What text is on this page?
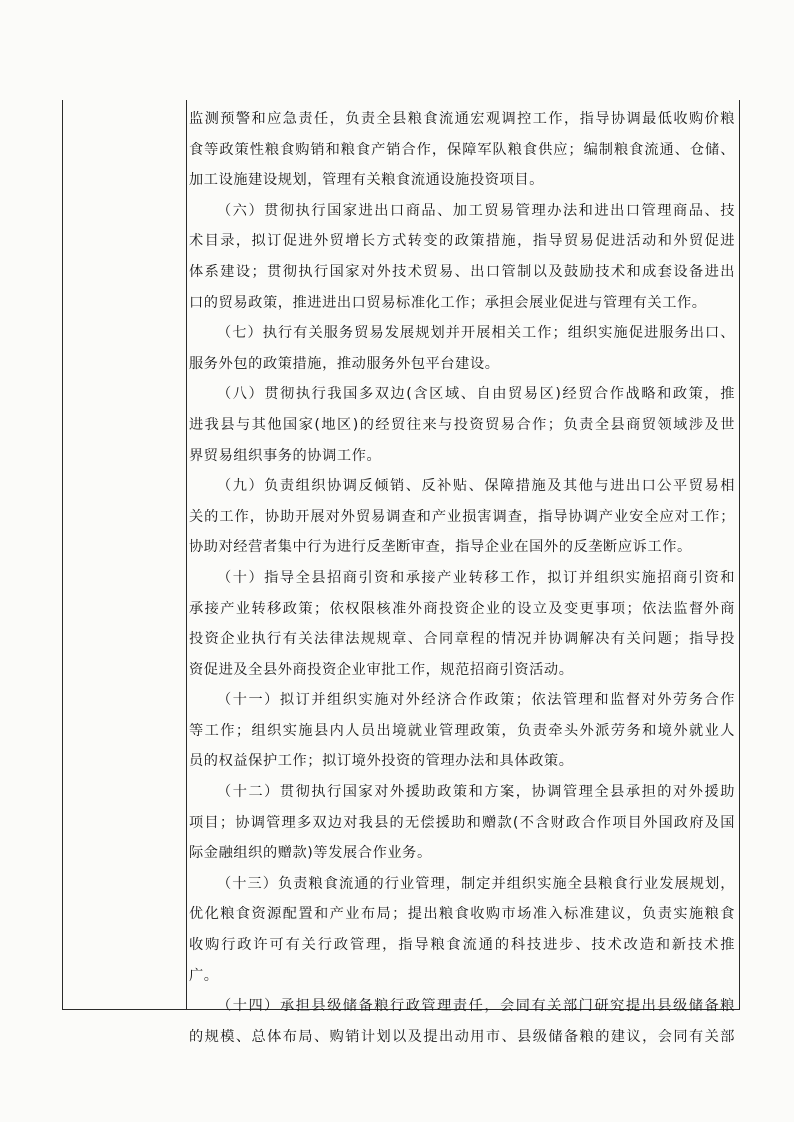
监测预警和应急责任，负责全县粮食流通宏观调控工作，指导协调最低收购价粮
食等政策性粮食购销和粮食产销合作，保障军队粮食供应；编制粮食流通、仓储、
加工设施建设规划，管理有关粮食流通设施投资项目。
（六）贯彻执行国家进出口商品、加工贸易管理办法和进出口管理商品、技
术目录，拟订促进外贸增长方式转变的政策措施，指导贸易促进活动和外贸促进
体系建设；贯彻执行国家对外技术贸易、出口管制以及鼓励技术和成套设备进出
口的贸易政策，推进进出口贸易标准化工作；承担会展业促进与管理有关工作。
（七）执行有关服务贸易发展规划并开展相关工作；组织实施促进服务出口、
服务外包的政策措施，推动服务外包平台建设。
（八）贯彻执行我国多双边(含区域、自由贸易区)经贸合作战略和政策，推
进我县与其他国家(地区)的经贸往来与投资贸易合作；负责全县商贸领域涉及世
界贸易组织事务的协调工作。
（九）负责组织协调反倾销、反补贴、保障措施及其他与进出口公平贸易相
关的工作，协助开展对外贸易调查和产业损害调查，指导协调产业安全应对工作；
协助对经营者集中行为进行反垄断审查，指导企业在国外的反垄断应诉工作。
（十）指导全县招商引资和承接产业转移工作，拟订并组织实施招商引资和
承接产业转移政策；依权限核准外商投资企业的设立及变更事项；依法监督外商
投资企业执行有关法律法规规章、合同章程的情况并协调解决有关问题；指导投
资促进及全县外商投资企业审批工作，规范招商引资活动。
（十一）拟订并组织实施对外经济合作政策；依法管理和监督对外劳务合作
等工作；组织实施县内人员出境就业管理政策，负责牵头外派劳务和境外就业人
员的权益保护工作；拟订境外投资的管理办法和具体政策。
（十二）贯彻执行国家对外援助政策和方案，协调管理全县承担的对外援助
项目；协调管理多双边对我县的无偿援助和赠款(不含财政合作项目外国政府及国
际金融组织的赠款)等发展合作业务。
（十三）负责粮食流通的行业管理，制定并组织实施全县粮食行业发展规划，
优化粮食资源配置和产业布局；提出粮食收购市场准入标准建议，负责实施粮食
收购行政许可有关行政管理，指导粮食流通的科技进步、技术改造和新技术推
广。
（十四）承担县级储备粮行政管理责任，会同有关部门研究提出县级储备粮
的规模、总体布局、购销计划以及提出动用市、县级储备粮的建议，会同有关部
